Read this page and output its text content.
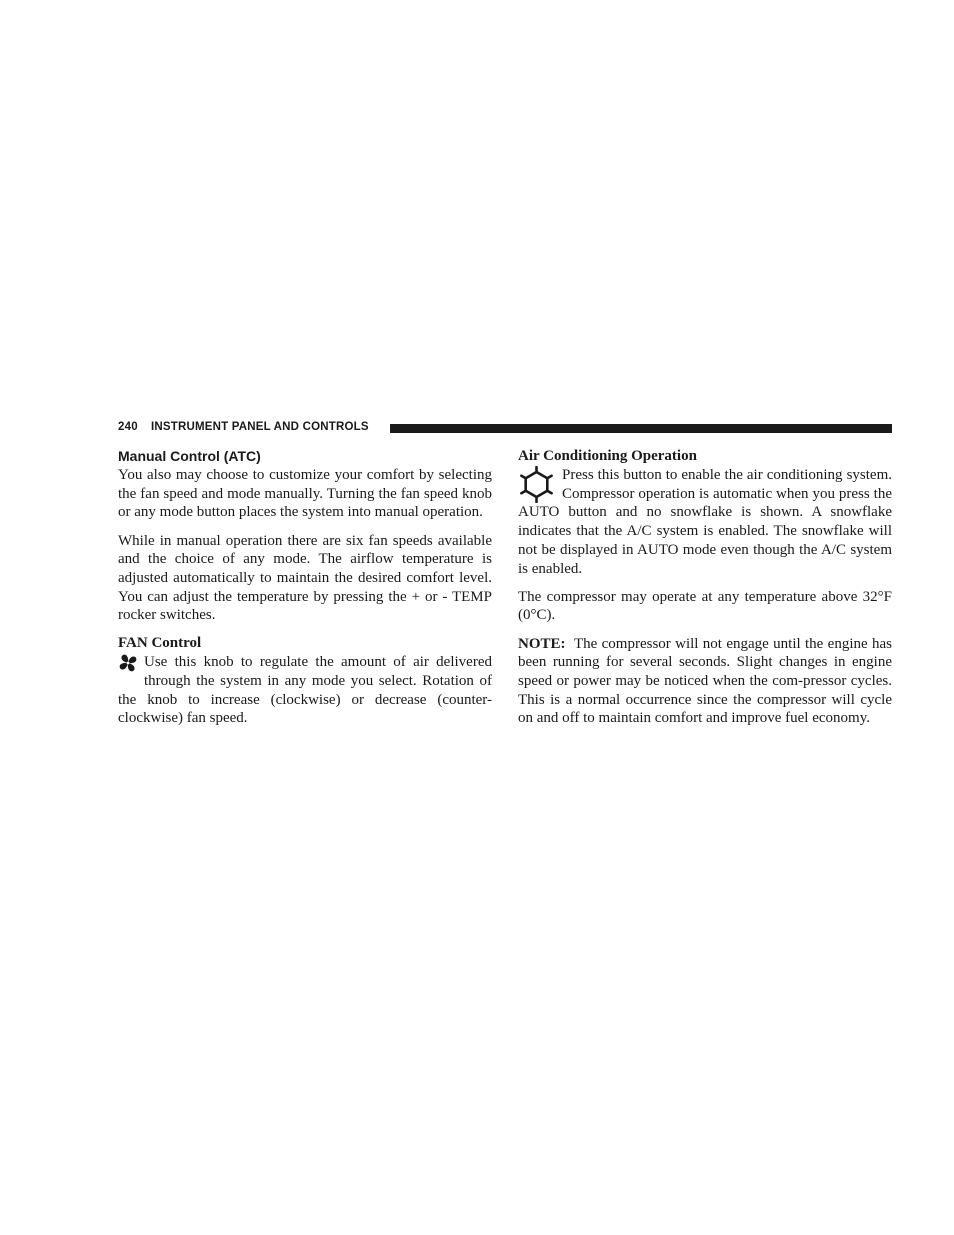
240 INSTRUMENT PANEL AND CONTROLS
Manual Control (ATC)

You also may choose to customize your comfort by selecting the fan speed and mode manually. Turning the fan speed knob or any mode button places the system into manual operation.

While in manual operation there are six fan speeds available and the choice of any mode. The airflow temperature is adjusted automatically to maintain the desired comfort level. You can adjust the temperature by pressing the + or - TEMP rocker switches.

FAN Control

Use this knob to regulate the amount of air delivered through the system in any mode you select. Rotation of the knob to increase (clockwise) or decrease (counter-clockwise) fan speed.

Air Conditioning Operation

Press this button to enable the air conditioning system. Compressor operation is automatic when you press the AUTO button and no snowflake is shown. A snowflake indicates that the A/C system is enabled. The snowflake will not be displayed in AUTO mode even though the A/C system is enabled.

The compressor may operate at any temperature above 32°F (0°C).

NOTE: The compressor will not engage until the engine has been running for several seconds. Slight changes in engine speed or power may be noticed when the com-pressor cycles. This is a normal occurrence since the compressor will cycle on and off to maintain comfort and improve fuel economy.
